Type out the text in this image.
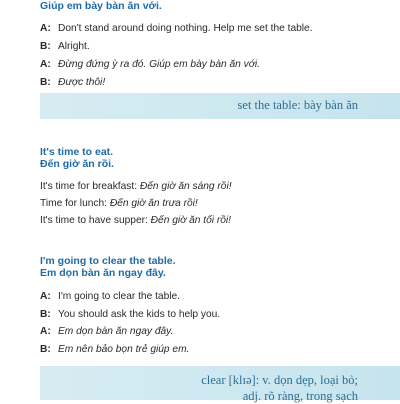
Giúp em bày bàn ăn với.
A: Don't stand around doing nothing. Help me set the table.
B: Alright.
A: Đừng đứng ỳ ra đó. Giúp em bày bàn ăn với.
B: Được thôi!
set the table: bày bàn ăn
It's time to eat.
Đến giờ ăn rồi.
It's time for breakfast: Đến giờ ăn sáng rồi!
Time for lunch: Đến giờ ăn trưa rồi!
It's time to have supper: Đến giờ ăn tối rồi!
I'm going to clear the table.
Em dọn bàn ăn ngay đây.
A: I'm going to clear the table.
B: You should ask the kids to help you.
A: Em dọn bàn ăn ngay đây.
B: Em nên bảo bọn trẻ giúp em.
clear [klɪə]: v. dọn dẹp, loại bỏ;
adj. rõ ràng, trong sạch
